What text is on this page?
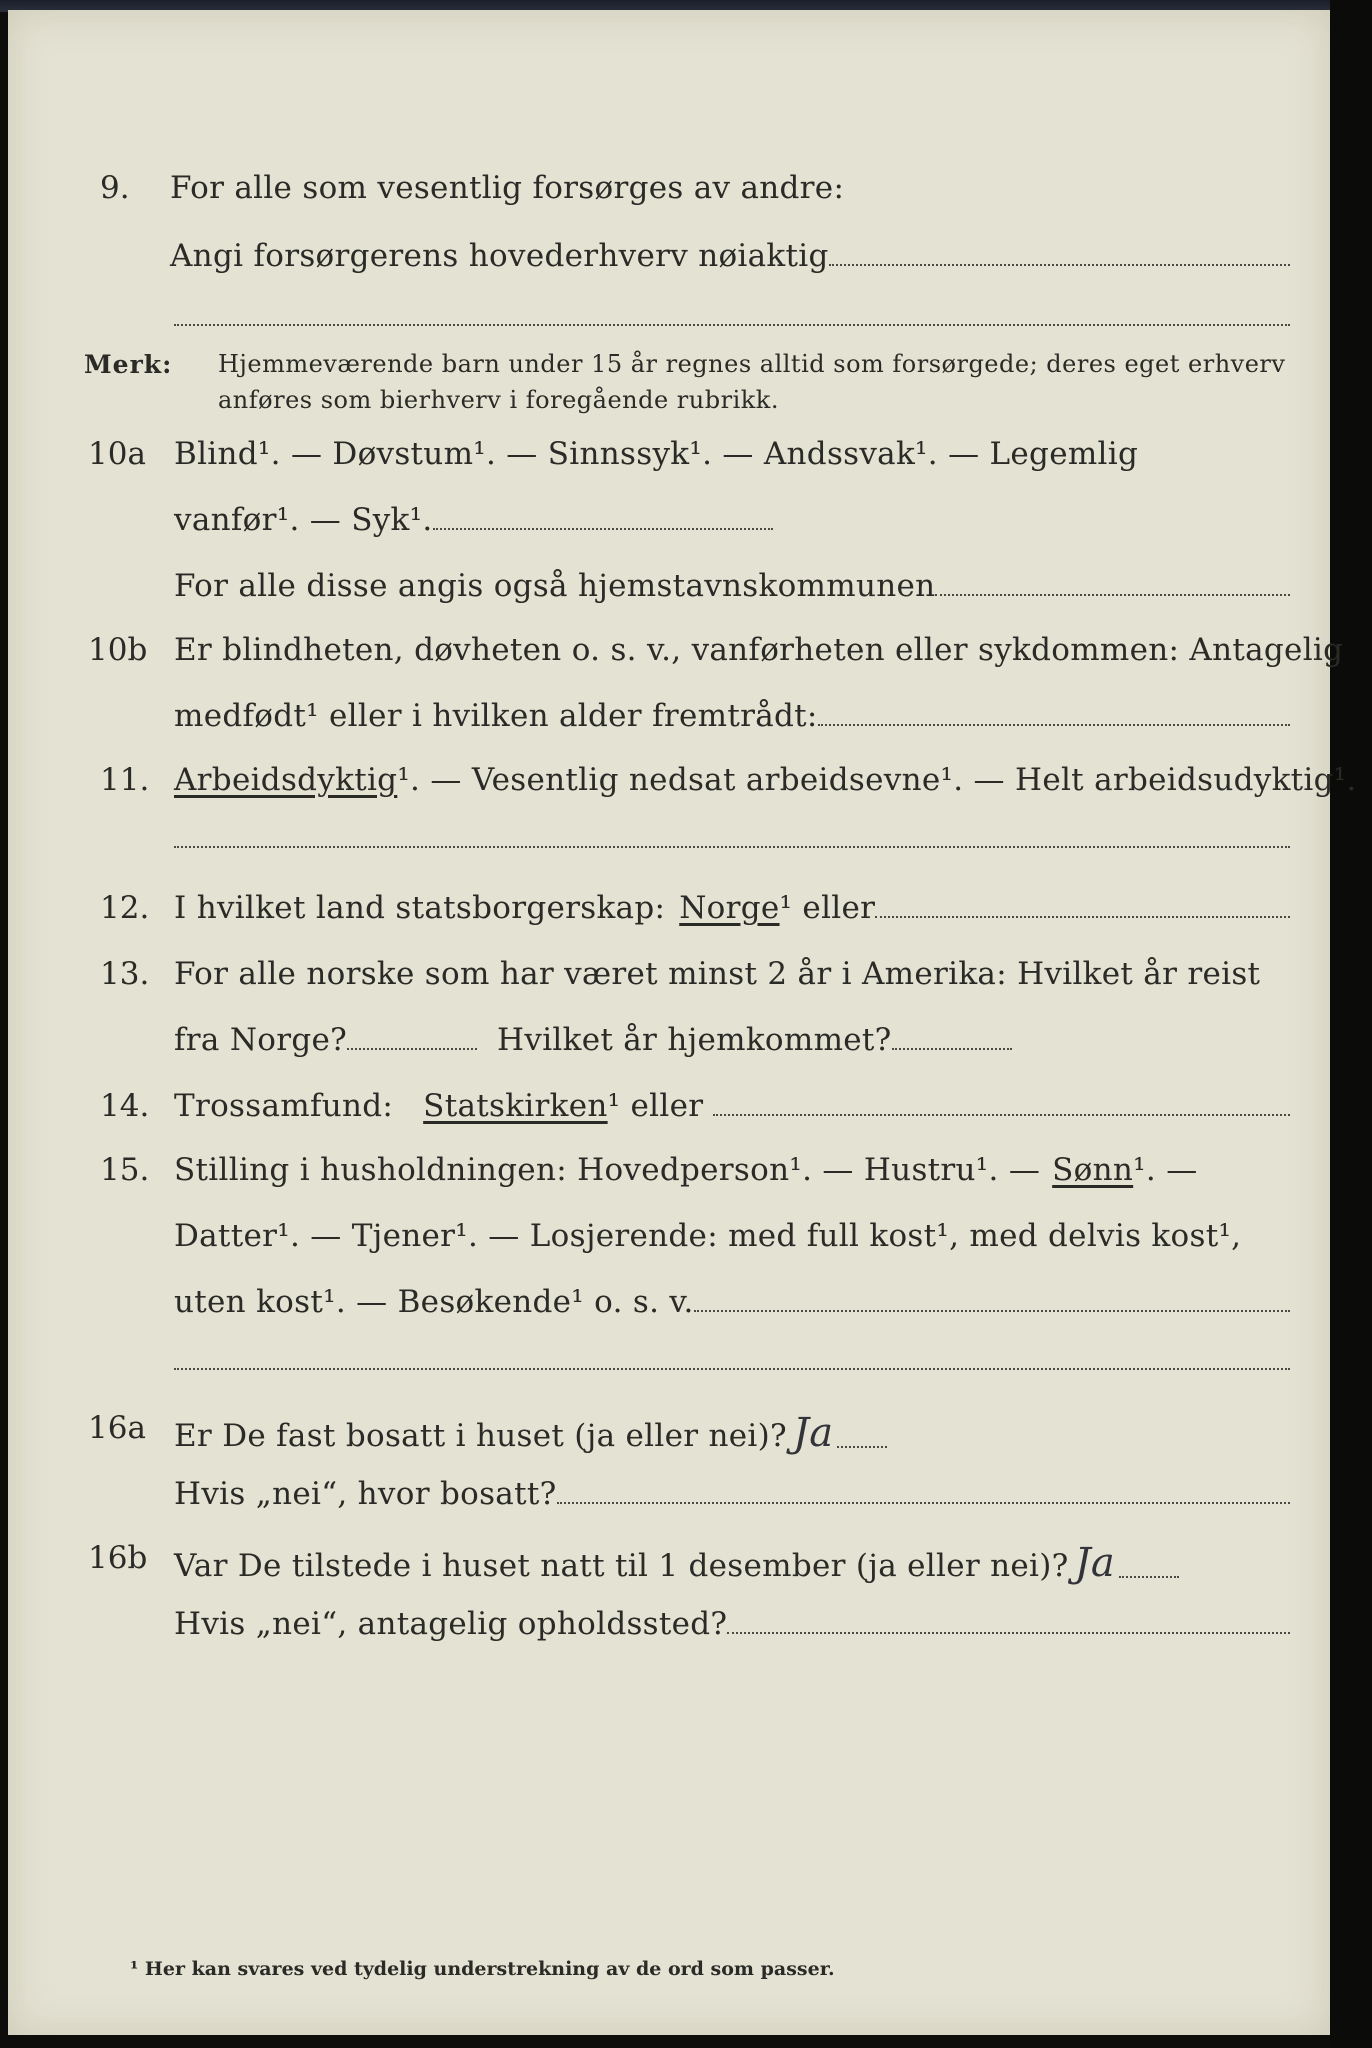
9. For alle som vesentlig forsørges av andre:
Angi forsørgerens hovederhverv nøiaktig
Merk: Hjemmeværende barn under 15 år regnes alltid som forsørgede; deres eget erhverv
anføres som bierhverv i foregående rubrikk.
10a Blind¹. — Døvstum¹. — Sinnssyk¹. — Andssvak¹. — Legemlig
vanfør¹. — Syk¹.
For alle disse angis også hjemstavnskommunen
10b Er blindheten, døvheten o. s. v., vanførheten eller sykdommen: Antagelig
medfødt¹ eller i hvilken alder fremtrådt:
11. Arbeidsdyktig ¹. — Vesentlig nedsat arbeidsevne¹. — Helt arbeidsudyktig¹.
12. I hvilket land statsborgerskap: Norge ¹ eller
13. For alle norske som har været minst 2 år i Amerika: Hvilket år reist
fra Norge?	Hvilket år hjemkommet?
14. Trossamfund: Statskirken ¹ eller
15. Stilling i husholdningen: Hovedperson¹. — Hustru¹. — Sønn ¹. —
Datter¹. — Tjener¹. — Losjerende: med full kost¹, med delvis kost¹,
uten kost¹. — Besøkende¹ o. s. v.
16a Er De fast bosatt i huset (ja eller nei)? Ja
Hvis „nei“, hvor bosatt?
16b Var De tilstede i huset natt til 1 desember (ja eller nei)? Ja
Hvis „nei“, antagelig opholdssted?
¹ Her kan svares ved tydelig understrekning av de ord som passer.
